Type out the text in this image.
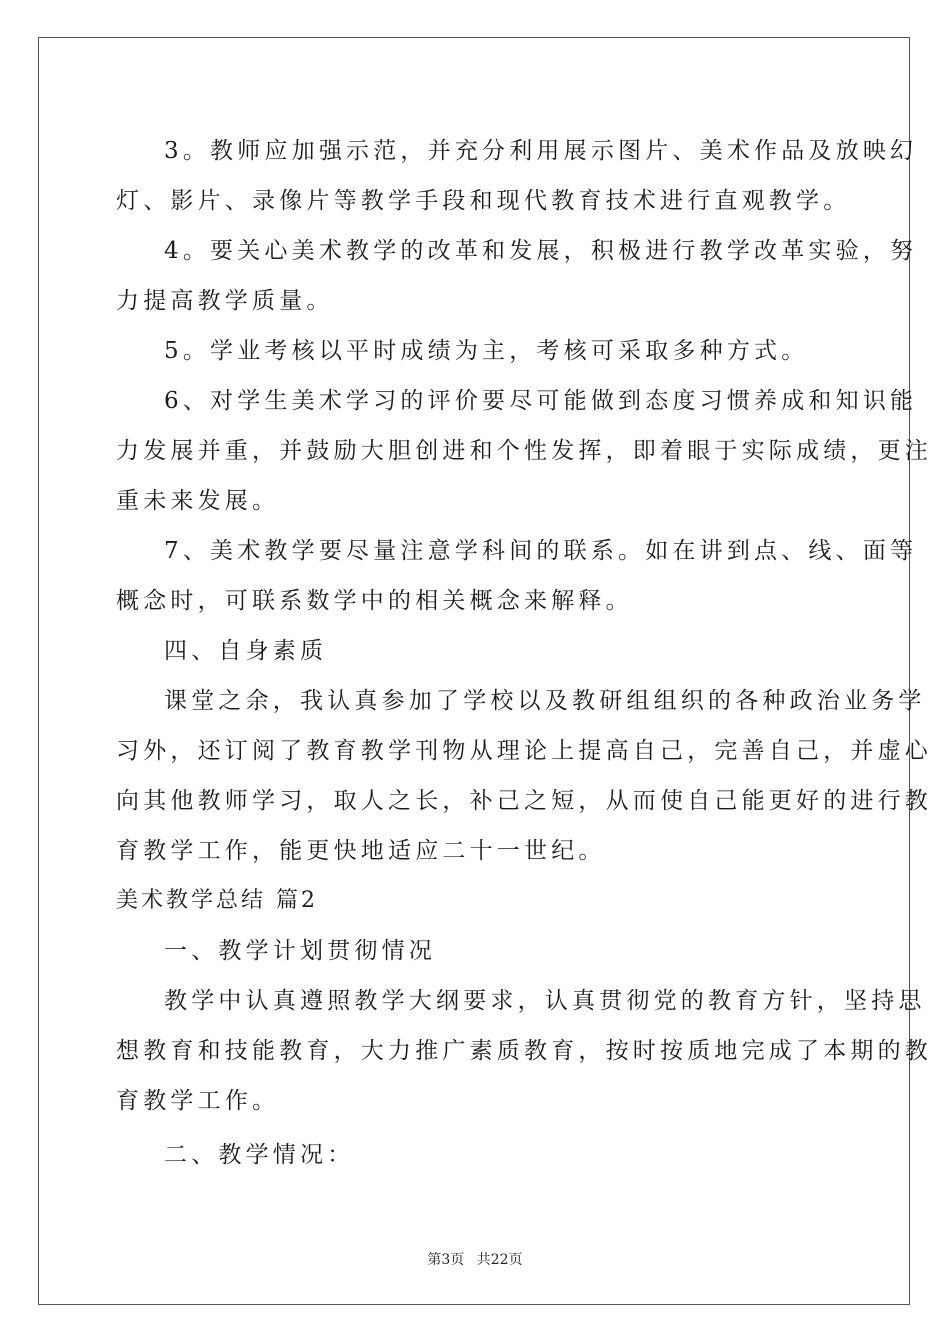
3。教师应加强示范，并充分利用展示图片、美术作品及放映幻
灯、影片、录像片等教学手段和现代教育技术进行直观教学。
4。要关心美术教学的改革和发展，积极进行教学改革实验，努
力提高教学质量。
5。学业考核以平时成绩为主，考核可采取多种方式。
6、对学生美术学习的评价要尽可能做到态度习惯养成和知识能
力发展并重，并鼓励大胆创进和个性发挥，即着眼于实际成绩，更注
重未来发展。
7、美术教学要尽量注意学科间的联系。如在讲到点、线、面等
概念时，可联系数学中的相关概念来解释。
四、自身素质
课堂之余，我认真参加了学校以及教研组组织的各种政治业务学
习外，还订阅了教育教学刊物从理论上提高自己，完善自己，并虚心
向其他教师学习，取人之长，补己之短，从而使自己能更好的进行教
育教学工作，能更快地适应二十一世纪。
美术教学总结 篇2
一、教学计划贯彻情况
教学中认真遵照教学大纲要求，认真贯彻党的教育方针，坚持思
想教育和技能教育，大力推广素质教育，按时按质地完成了本期的教
育教学工作。
二、教学情况：
第3页 共22页
